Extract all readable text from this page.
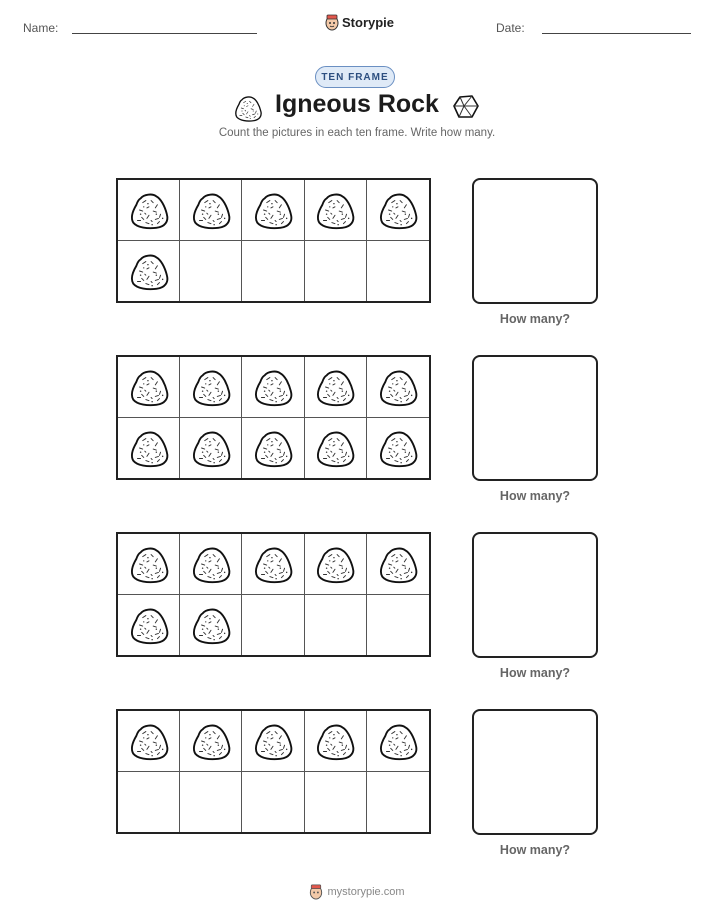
Name:	Storypie	Date:
TEN FRAME
Igneous Rock
Count the pictures in each ten frame. Write how many.
How many?
How many?
How many?
How many?
mystorypie.com
